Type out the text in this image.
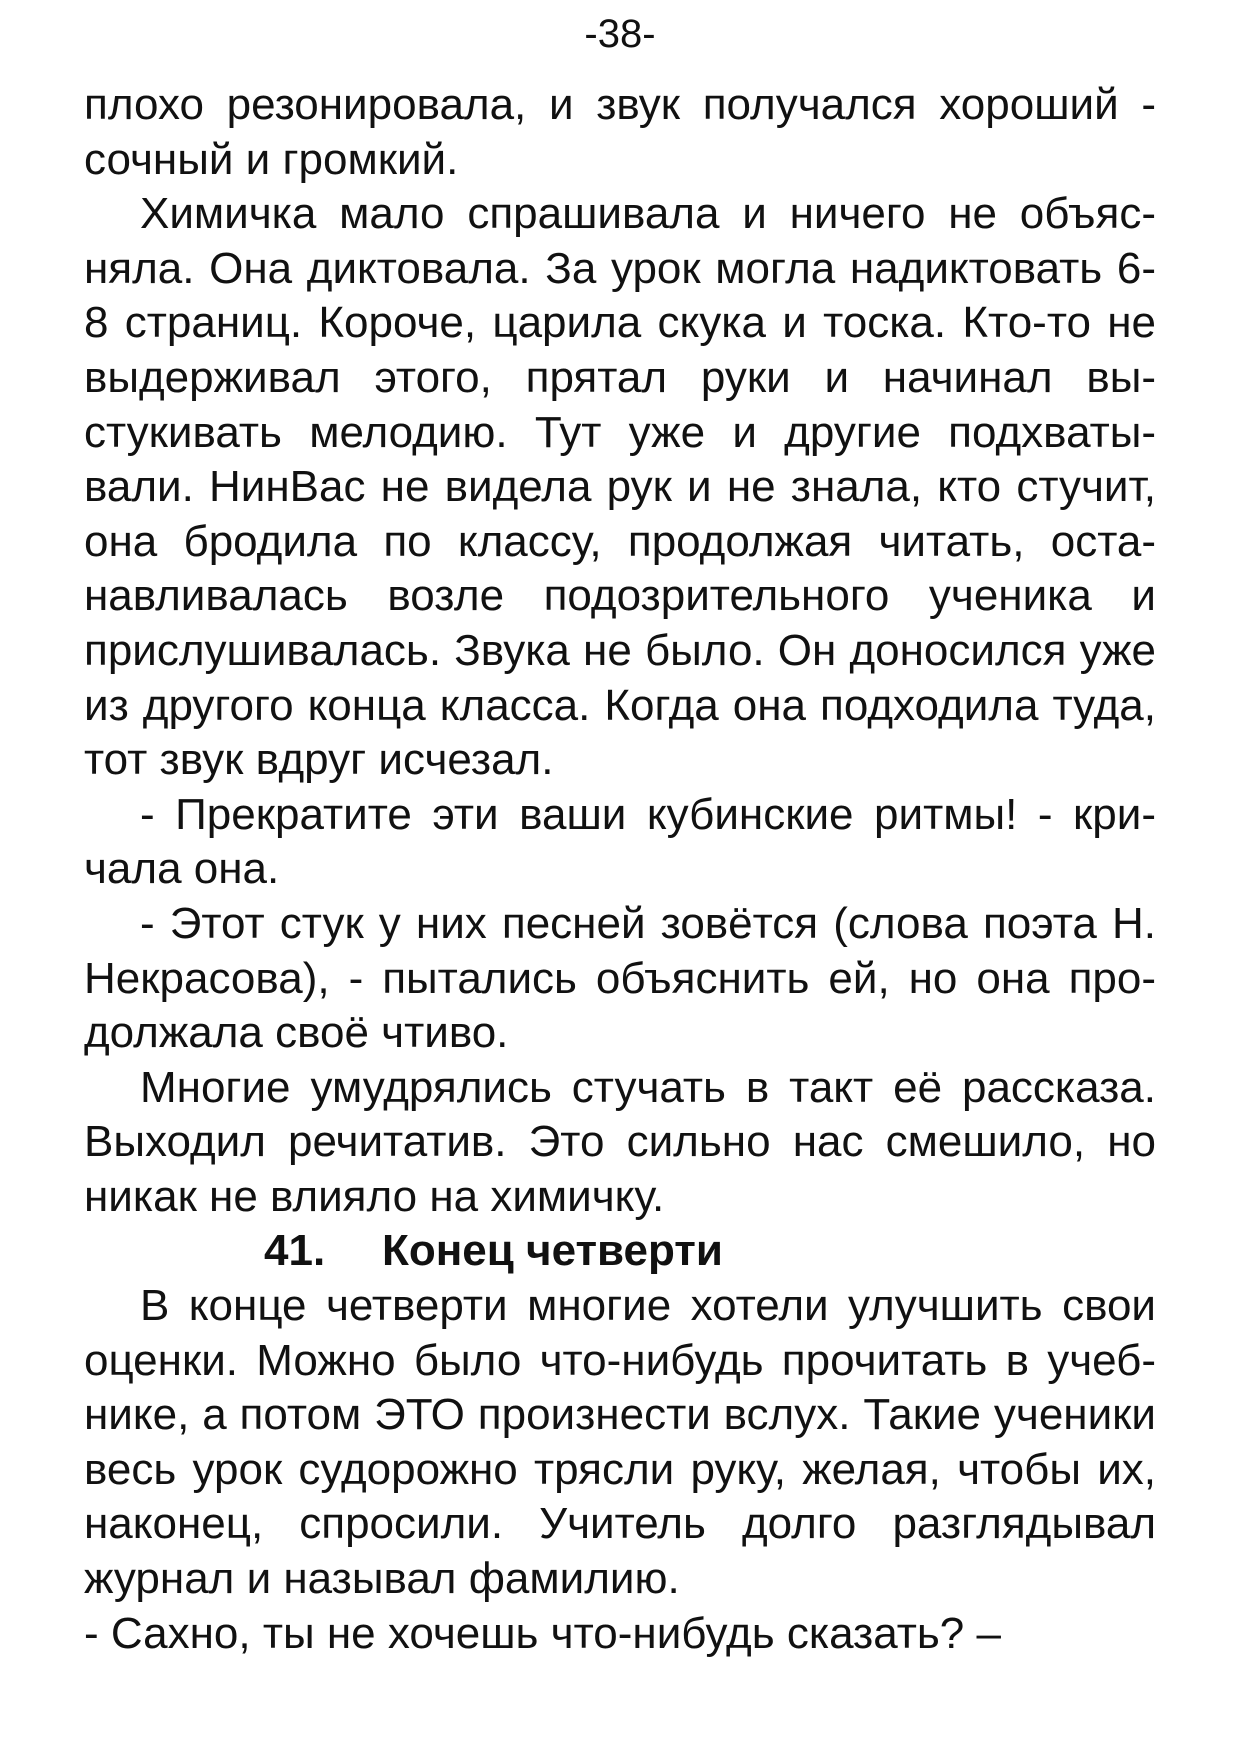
-38-

плохо резонировала, и звук получался хороший - сочный и громкий.

Химичка мало спрашивала и ничего не объясняла. Она диктовала. За урок могла надиктовать 6-8 страниц. Короче, царила скука и тоска. Кто-то не выдерживал этого, прятал руки и начинал выстукивать мелодию. Тут уже и другие подхватывали. НинВас не видела рук и не знала, кто стучит, она бродила по классу, продолжая читать, останавливалась возле подозрительного ученика и прислушивалась. Звука не было. Он доносился уже из другого конца класса. Когда она подходила туда, тот звук вдруг исчезал.

- Прекратите эти ваши кубинские ритмы! - кричала она.

- Этот стук у них песней зовётся (слова поэта Н. Некрасова), - пытались объяснить ей, но она продолжала своё чтиво.

Многие умудрялись стучать в такт её рассказа. Выходил речитатив. Это сильно нас смешило, но никак не влияло на химичку.

41. Конец четверти

В конце четверти многие хотели улучшить свои оценки. Можно было что-нибудь прочитать в учебнике, а потом ЭТО произнести вслух. Такие ученики весь урок судорожно трясли руку, желая, чтобы их, наконец, спросили. Учитель долго разглядывал журнал и называл фамилию.

- Сахно, ты не хочешь что-нибудь сказать? –
